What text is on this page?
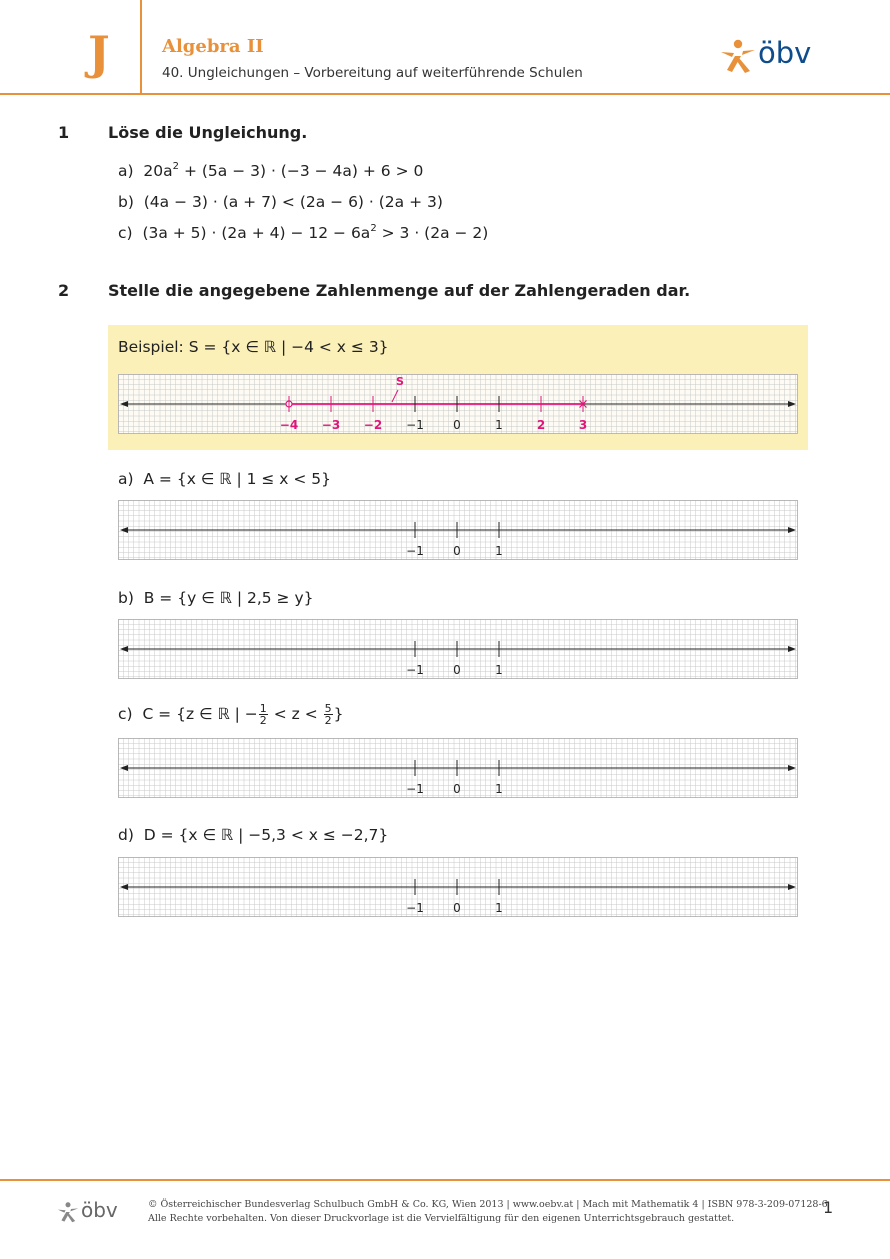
J	Algebra II
40. Ungleichungen – Vorbereitung auf weiterführende Schulen
öbv
1 Löse die Ungleichung.
a) $20a^2 + (5a - 3) \cdot (-3 - 4a) + 6 > 0$
b) (4a − 3) · (a + 7) < (2a − 6) · (2a + 3)
c) $(3a + 5) \cdot (2a + 4) - 12 - 6a^2 > 3 \cdot (2a - 2)$
2 Stelle die angegebene Zahlenmenge auf der Zahlengeraden dar.
Beispiel: S = {x ∈ ℝ | −4 < x ≤ 3}
S
−4 −3 −2 −1 0	1	2	3
a) A = {x ∈ ℝ | 1 ≤ x < 5}
−1 0	1
b) B = {y ∈ ℝ | 2,5 ≥ y}
−1 0	1
c) C = {z ∈ ℝ | − $\frac{1}{2} < z < \frac{5}{2}$ }
−1 0	1
d) D = {x ∈ ℝ | −5,3 < x ≤ −2,7}
−1 0	1
öbv	© Österreichischer Bundesverlag Schulbuch GmbH & Co. KG, Wien 2013 | www.oebv.at | Mach mit Mathematik 4 | ISBN 978-3-209-07128-6
Alle Rechte vorbehalten. Von dieser Druckvorlage ist die Vervielfältigung für den eigenen Unterrichtsgebrauch gestattet.
1
